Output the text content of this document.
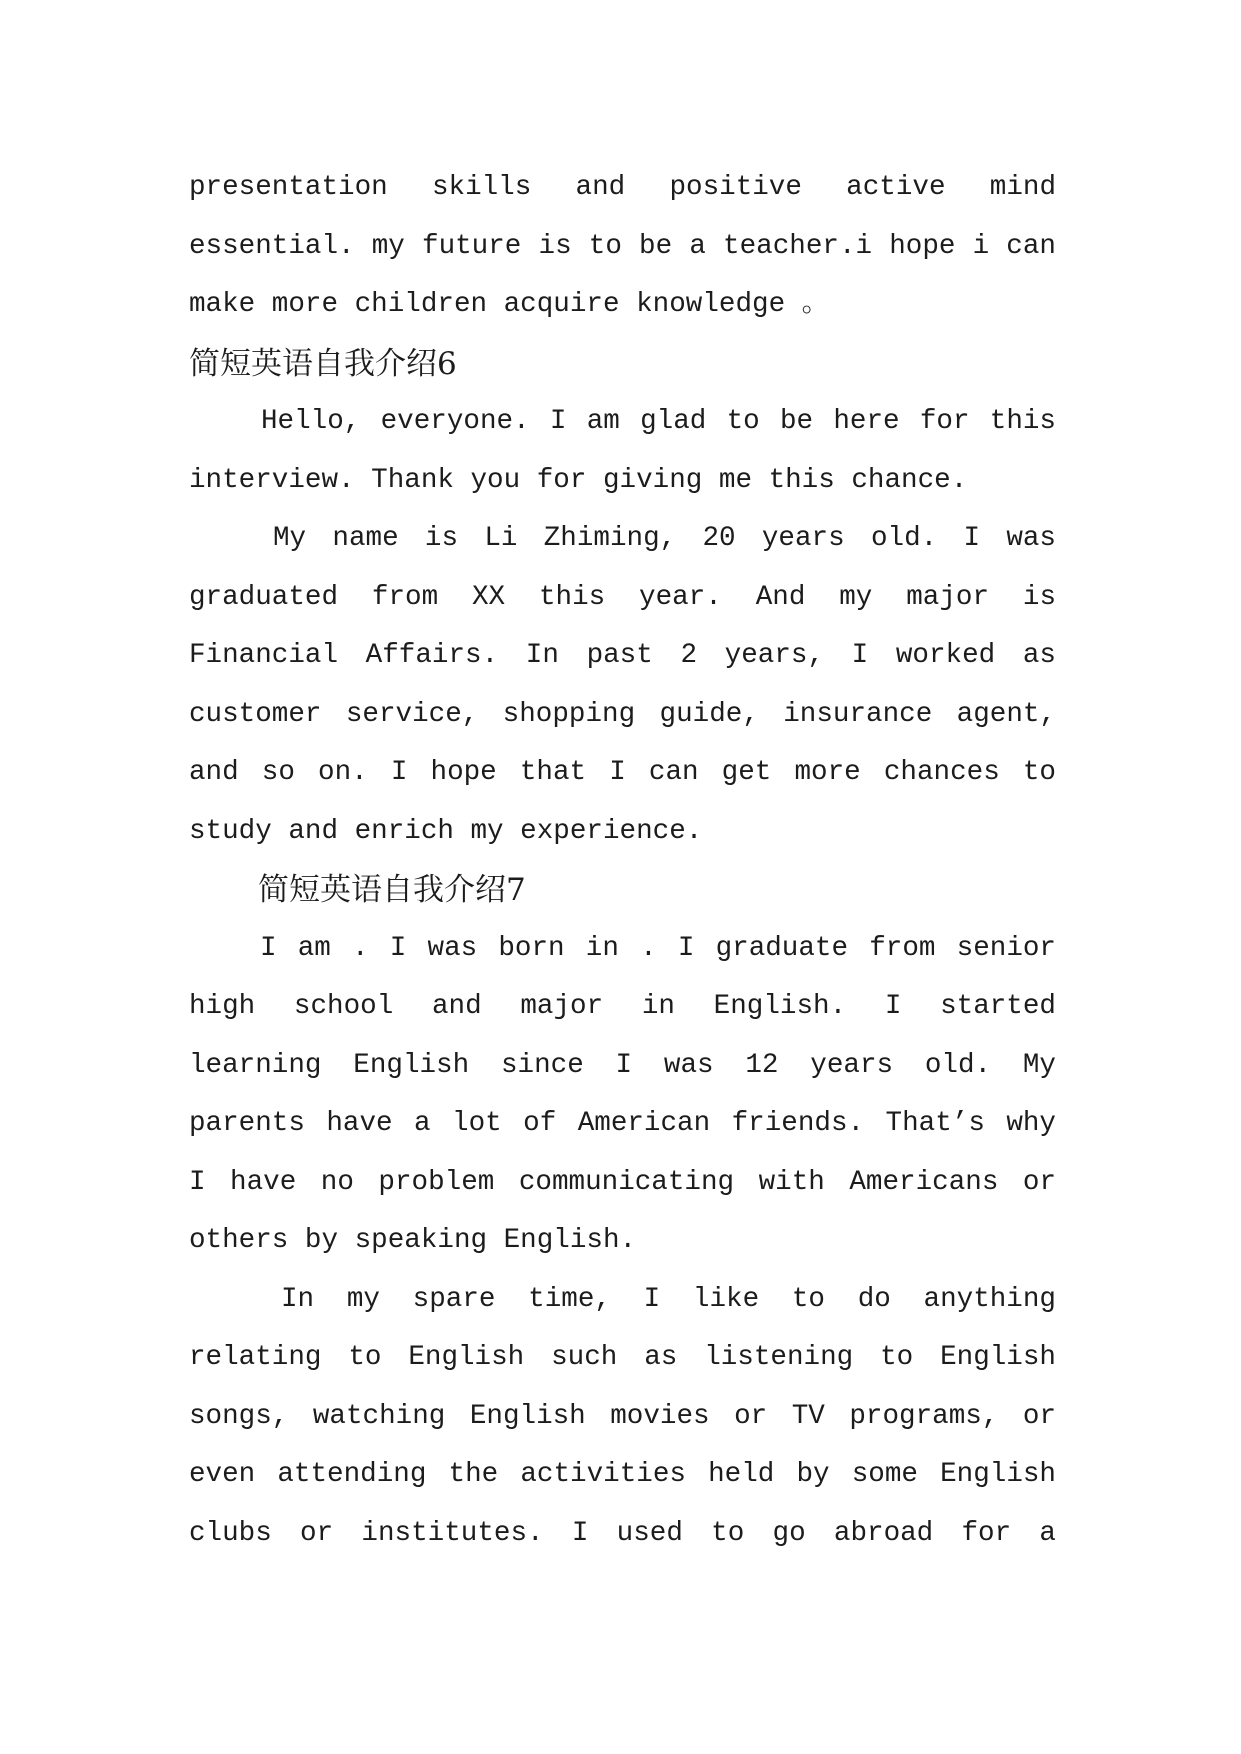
presentation skills and positive active mind
essential. my future is to be a teacher.i hope i can
make more children acquire knowledge 。
简短英语自我介绍6
Hello, everyone. I am glad to be here for this
interview. Thank you for giving me this chance.
My name is Li Zhiming, 20 years old. I was
graduated from XX this year. And my major is
Financial Affairs. In past 2 years, I worked as
customer service, shopping guide, insurance agent,
and so on. I hope that I can get more chances to
study and enrich my experience.
简短英语自我介绍7
I am . I was born in . I graduate from senior
high school and major in English. I started
learning English since I was 12 years old. My
parents have a lot of American friends. That’s why
I have no problem communicating with Americans or
others by speaking English.
In my spare time, I like to do anything
relating to English such as listening to English
songs, watching English movies or TV programs, or
even attending the activities held by some English
clubs or institutes. I used to go abroad for a
